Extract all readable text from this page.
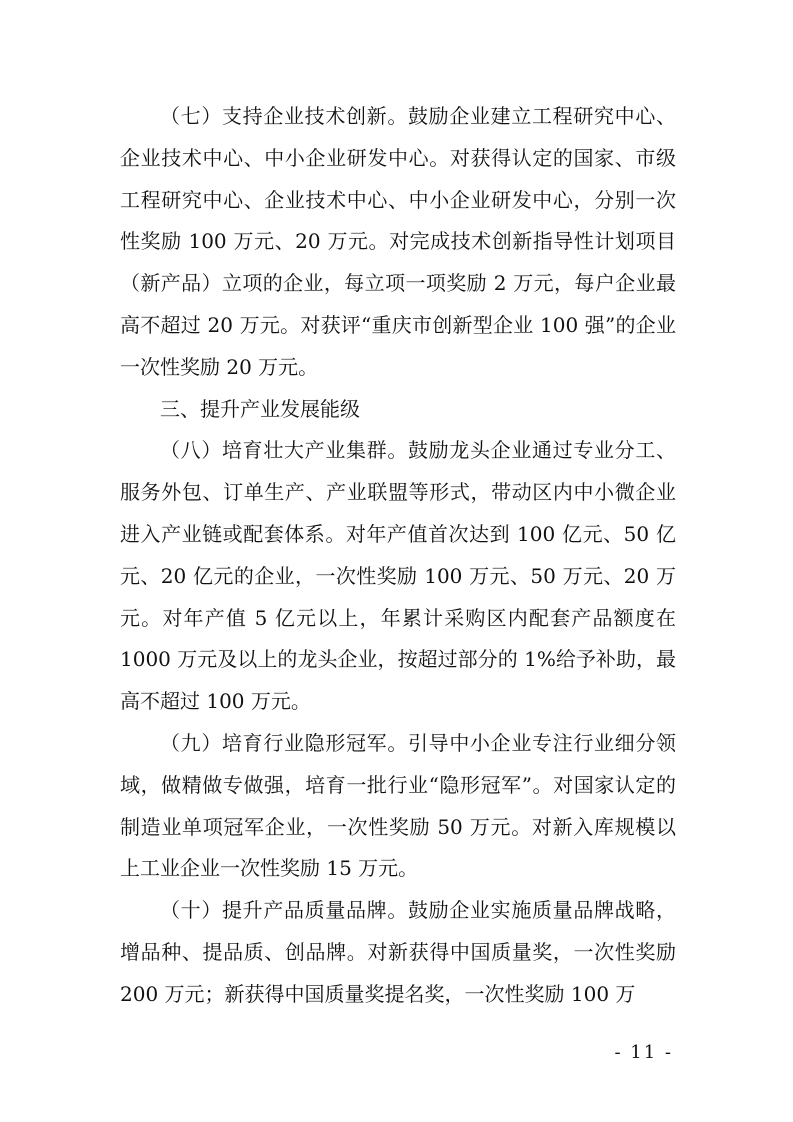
（七）支持企业技术创新。鼓励企业建立工程研究中心、企业技术中心、中小企业研发中心。对获得认定的国家、市级工程研究中心、企业技术中心、中小企业研发中心，分别一次性奖励 100 万元、20 万元。对完成技术创新指导性计划项目（新产品）立项的企业，每立项一项奖励 2 万元，每户企业最高不超过 20 万元。对获评“重庆市创新型企业 100 强”的企业一次性奖励 20 万元。

三、提升产业发展能级

（八）培育壮大产业集群。鼓励龙头企业通过专业分工、服务外包、订单生产、产业联盟等形式，带动区内中小微企业进入产业链或配套体系。对年产值首次达到 100 亿元、50 亿元、20 亿元的企业，一次性奖励 100 万元、50 万元、20 万元。对年产值 5 亿元以上，年累计采购区内配套产品额度在 1000 万元及以上的龙头企业，按超过部分的 1%给予补助，最高不超过 100 万元。

（九）培育行业隐形冠军。引导中小企业专注行业细分领域，做精做专做强，培育一批行业“隐形冠军”。对国家认定的制造业单项冠军企业，一次性奖励 50 万元。对新入库规模以上工业企业一次性奖励 15 万元。

（十）提升产品质量品牌。鼓励企业实施质量品牌战略，增品种、提品质、创品牌。对新获得中国质量奖，一次性奖励 200 万元；新获得中国质量奖提名奖，一次性奖励 100 万

- 11 -
